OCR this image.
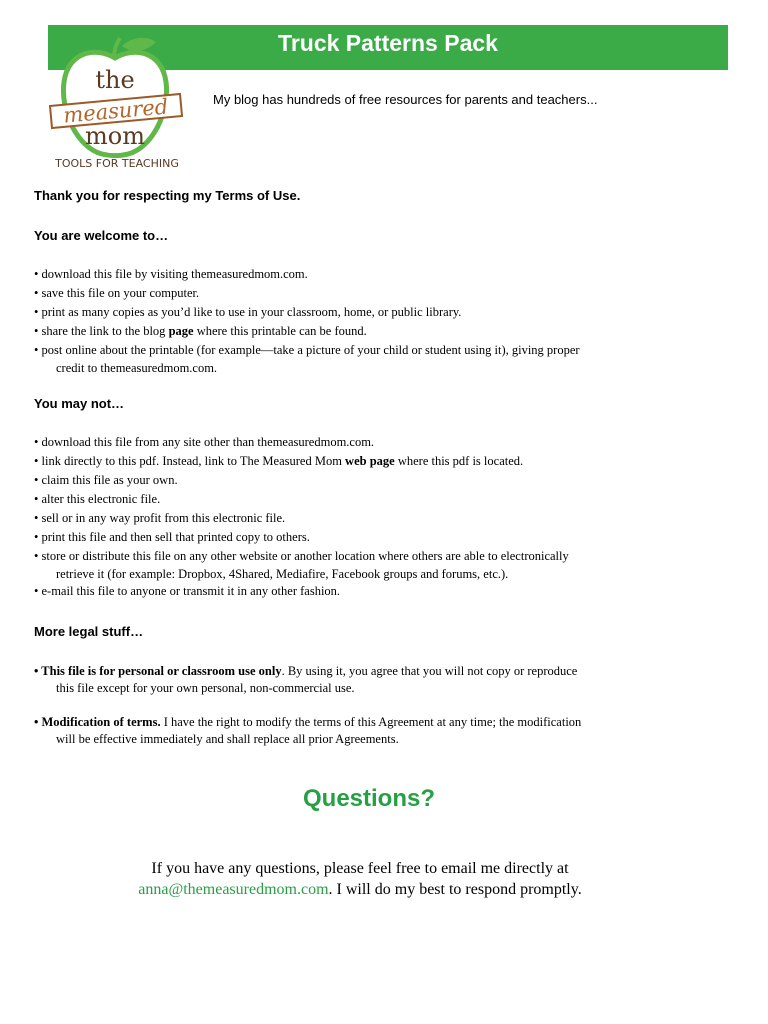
Truck Patterns Pack
the
measured
mom
TOOLS FOR TEACHING
My blog has hundreds of free resources for parents and teachers...
Thank you for respecting my Terms of Use.
You are welcome to…
• download this file by visiting themeasuredmom.com.
• save this file on your computer.
• print as many copies as you’d like to use in your classroom, home, or public library.
• share the link to the blog page where this printable can be found.
• post online about the printable (for example—take a picture of your child or student using it), giving proper
credit to themeasuredmom.com.
You may not…
• download this file from any site other than themeasuredmom.com.
• link directly to this pdf. Instead, link to The Measured Mom web page where this pdf is located.
• claim this file as your own.
• alter this electronic file.
• sell or in any way profit from this electronic file.
• print this file and then sell that printed copy to others.
• store or distribute this file on any other website or another location where others are able to electronically
retrieve it (for example: Dropbox, 4Shared, Mediafire, Facebook groups and forums, etc.).
• e-mail this file to anyone or transmit it in any other fashion.
More legal stuff…
• This file is for personal or classroom use only. By using it, you agree that you will not copy or reproduce
this file except for your own personal, non-commercial use.
• Modification of terms. I have the right to modify the terms of this Agreement at any time; the modification
will be effective immediately and shall replace all prior Agreements.
Questions?
If you have any questions, please feel free to email me directly at
anna@themeasuredmom.com. I will do my best to respond promptly.
